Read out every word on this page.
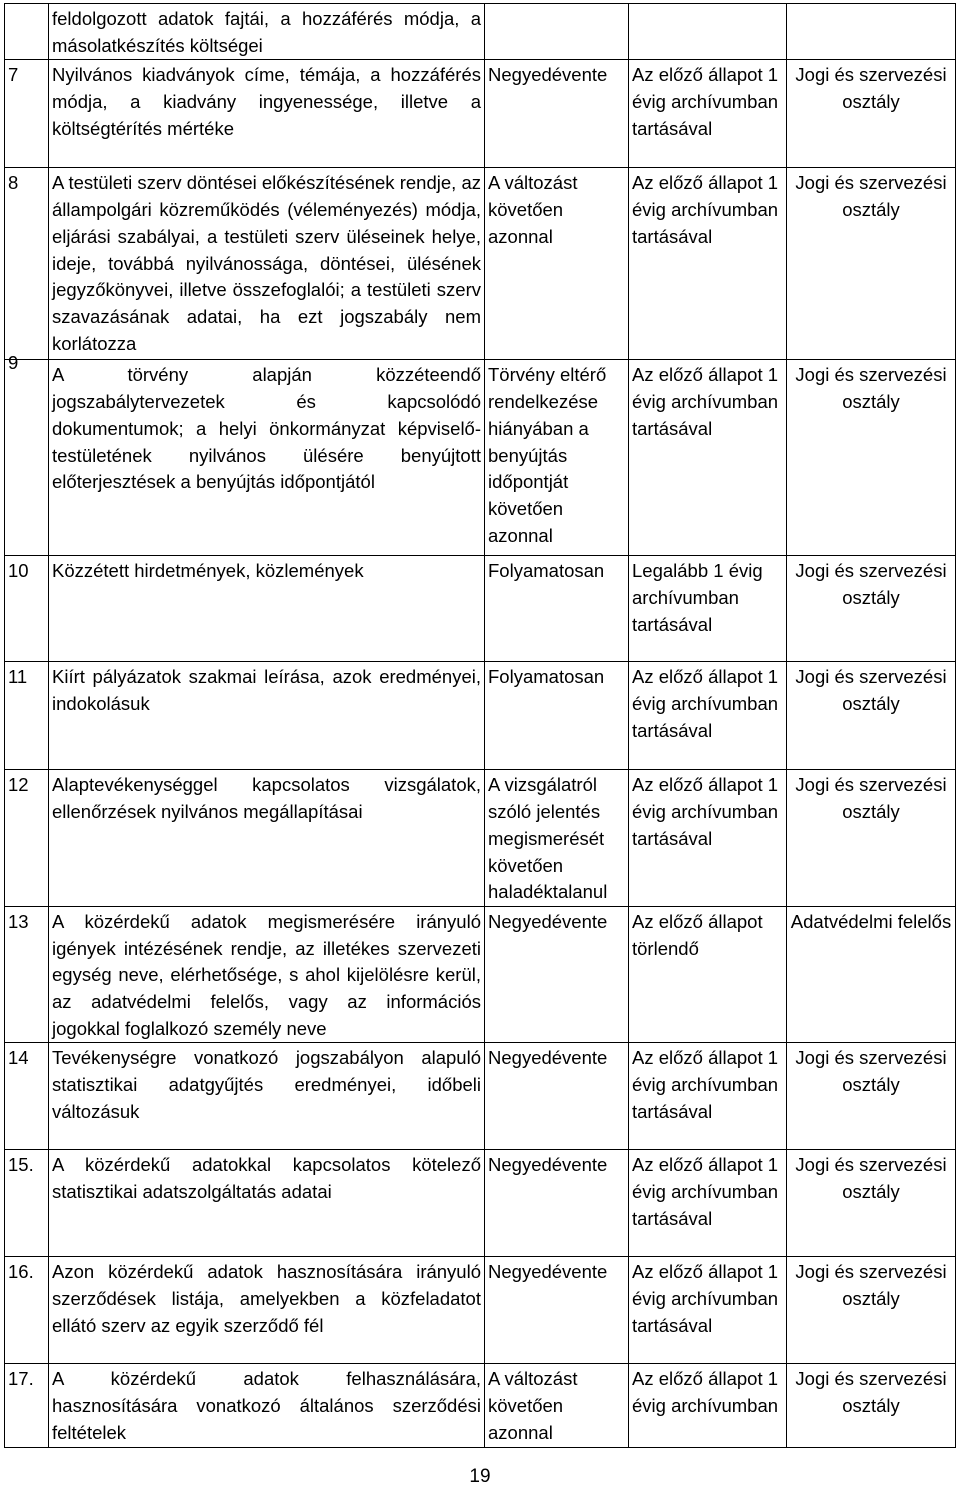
	feldolgozott adatok fajtái, a hozzáférés módja, a másolatkészítés költségei			

7	Nyilvános kiadványok címe, témája, a hozzáférés módja, a kiadvány ingyenessége, illetve a költségtérítés mértéke	Negyedévente	Az előző állapot 1 évig archívumban tartásával	Jogi és szervezési osztály
8	A testületi szerv döntései előkészítésének rendje, az állampolgári közreműködés (véleményezés) módja, eljárási szabályai, a testületi szerv üléseinek helye, ideje, továbbá nyilvánossága, döntései, ülésének jegyzőkönyvei, illetve összefoglalói; a testületi szerv szavazásának adatai, ha ezt jogszabály nem korlátozza	A változást követően azonnal	Az előző állapot 1 évig archívumban tartásával	Jogi és szervezési osztály
9	A törvény alapján közzéteendő jogszabálytervezetek és kapcsolódó dokumentumok; a helyi önkormányzat képviselő-testületének nyilvános ülésére benyújtott előterjesztések a benyújtás időpontjától	Törvény eltérő rendelkezése hiányában a benyújtás időpontját követően azonnal	Az előző állapot 1 évig archívumban tartásával	Jogi és szervezési osztály
10	Közzétett hirdetmények, közlemények	Folyamatosan	Legalább 1 évig archívumban tartásával	Jogi és szervezési osztály
11	Kiírt pályázatok szakmai leírása, azok eredményei, indokolásuk	Folyamatosan	Az előző állapot 1 évig archívumban tartásával	Jogi és szervezési osztály
12	Alaptevékenységgel kapcsolatos vizsgálatok, ellenőrzések nyilvános megállapításai	A vizsgálatról szóló jelentés megismerését követően haladéktalanul	Az előző állapot 1 évig archívumban tartásával	Jogi és szervezési osztály
13	A közérdekű adatok megismerésére irányuló igények intézésének rendje, az illetékes szervezeti egység neve, elérhetősége, s ahol kijelölésre kerül, az adatvédelmi felelős, vagy az információs jogokkal foglalkozó személy neve	Negyedévente	Az előző állapot törlendő	Adatvédelmi felelős
14	Tevékenységre vonatkozó jogszabályon alapuló statisztikai adatgyűjtés eredményei, időbeli változásuk	Negyedévente	Az előző állapot 1 évig archívumban tartásával	Jogi és szervezési osztály
15.	A közérdekű adatokkal kapcsolatos kötelező statisztikai adatszolgáltatás adatai	Negyedévente	Az előző állapot 1 évig archívumban tartásával	Jogi és szervezési osztály
16.	Azon közérdekű adatok hasznosítására irányuló szerződések listája, amelyekben a közfeladatot ellátó szerv az egyik szerződő fél	Negyedévente	Az előző állapot 1 évig archívumban tartásával	Jogi és szervezési osztály
17.	A közérdekű adatok felhasználására, hasznosítására vonatkozó általános szerződési feltételek	A változást követően azonnal	Az előző állapot 1 évig archívumban	Jogi és szervezési osztály
19
